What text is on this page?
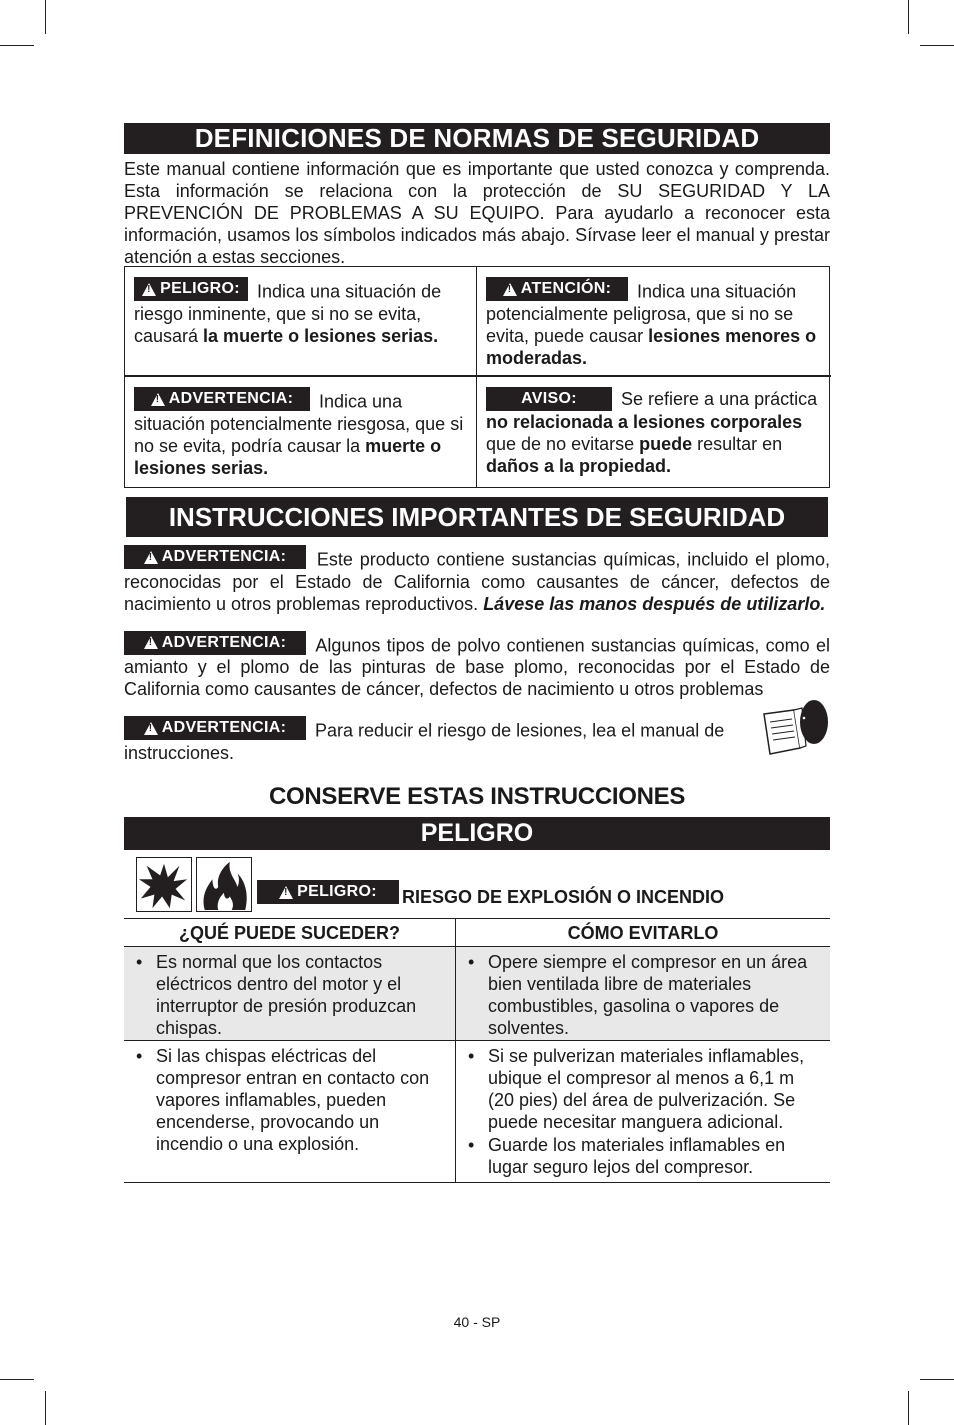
DEFINICIONES DE NORMAS DE SEGURIDAD

Este manual contiene información que es importante que usted conozca y comprenda. Esta información se relaciona con la protección de SU SEGURIDAD Y LA PREVENCIÓN DE PROBLEMAS A SU EQUIPO. Para ayudarlo a reconocer esta información, usamos los símbolos indicados más abajo. Sírvase leer el manual y prestar atención a estas secciones.

!
PELIGRO: Indica una situación de riesgo inminente, que si no se evita, causará la muerte o lesiones serias.
!
ATENCIÓN: Indica una situación potencialmente peligrosa, que si no se evita, puede causar lesiones menores o moderadas.
!
ADVERTENCIA: Indica una situación potencialmente riesgosa, que si no se evita, podría causar la muerte o lesiones serias.
AVISO: Se refiere a una práctica no relacionada a lesiones corporales que de no evitarse puede resultar en daños a la propiedad.
INSTRUCCIONES IMPORTANTES DE SEGURIDAD

!
ADVERTENCIA: Este producto contiene sustancias químicas, incluido el plomo, reconocidas por el Estado de California como causantes de cáncer, defectos de nacimiento u otros problemas reproductivos. Lávese las manos después de utilizarlo.

!
ADVERTENCIA: Algunos tipos de polvo contienen sustancias químicas, como el amianto y el plomo de las pinturas de base plomo, reconocidas por el Estado de California como causantes de cáncer, defectos de nacimiento u otros problemas

!
ADVERTENCIA: Para reducir el riesgo de lesiones, lea el manual de instrucciones.

CONSERVE ESTAS INSTRUCCIONES
PELIGRO
!
PELIGRO: RIESGO DE EXPLOSIÓN O INCENDIO
¿QUÉ PUEDE SUCEDER?	CÓMO EVITARLO
• Es normal que los contactos eléctricos dentro del motor y el interruptor de presión produzcan chispas.
• Opere siempre el compresor en un área bien ventilada libre de materiales combustibles, gasolina o vapores de solventes.
• Si las chispas eléctricas del compresor entran en contacto con vapores inflamables, pueden encenderse, provocando un incendio o una explosión.
• Si se pulverizan materiales inflamables, ubique el compresor al menos a 6,1 m (20 pies) del área de pulverización. Se puede necesitar manguera adicional.
• Guarde los materiales inflamables en lugar seguro lejos del compresor.
40 - SP
